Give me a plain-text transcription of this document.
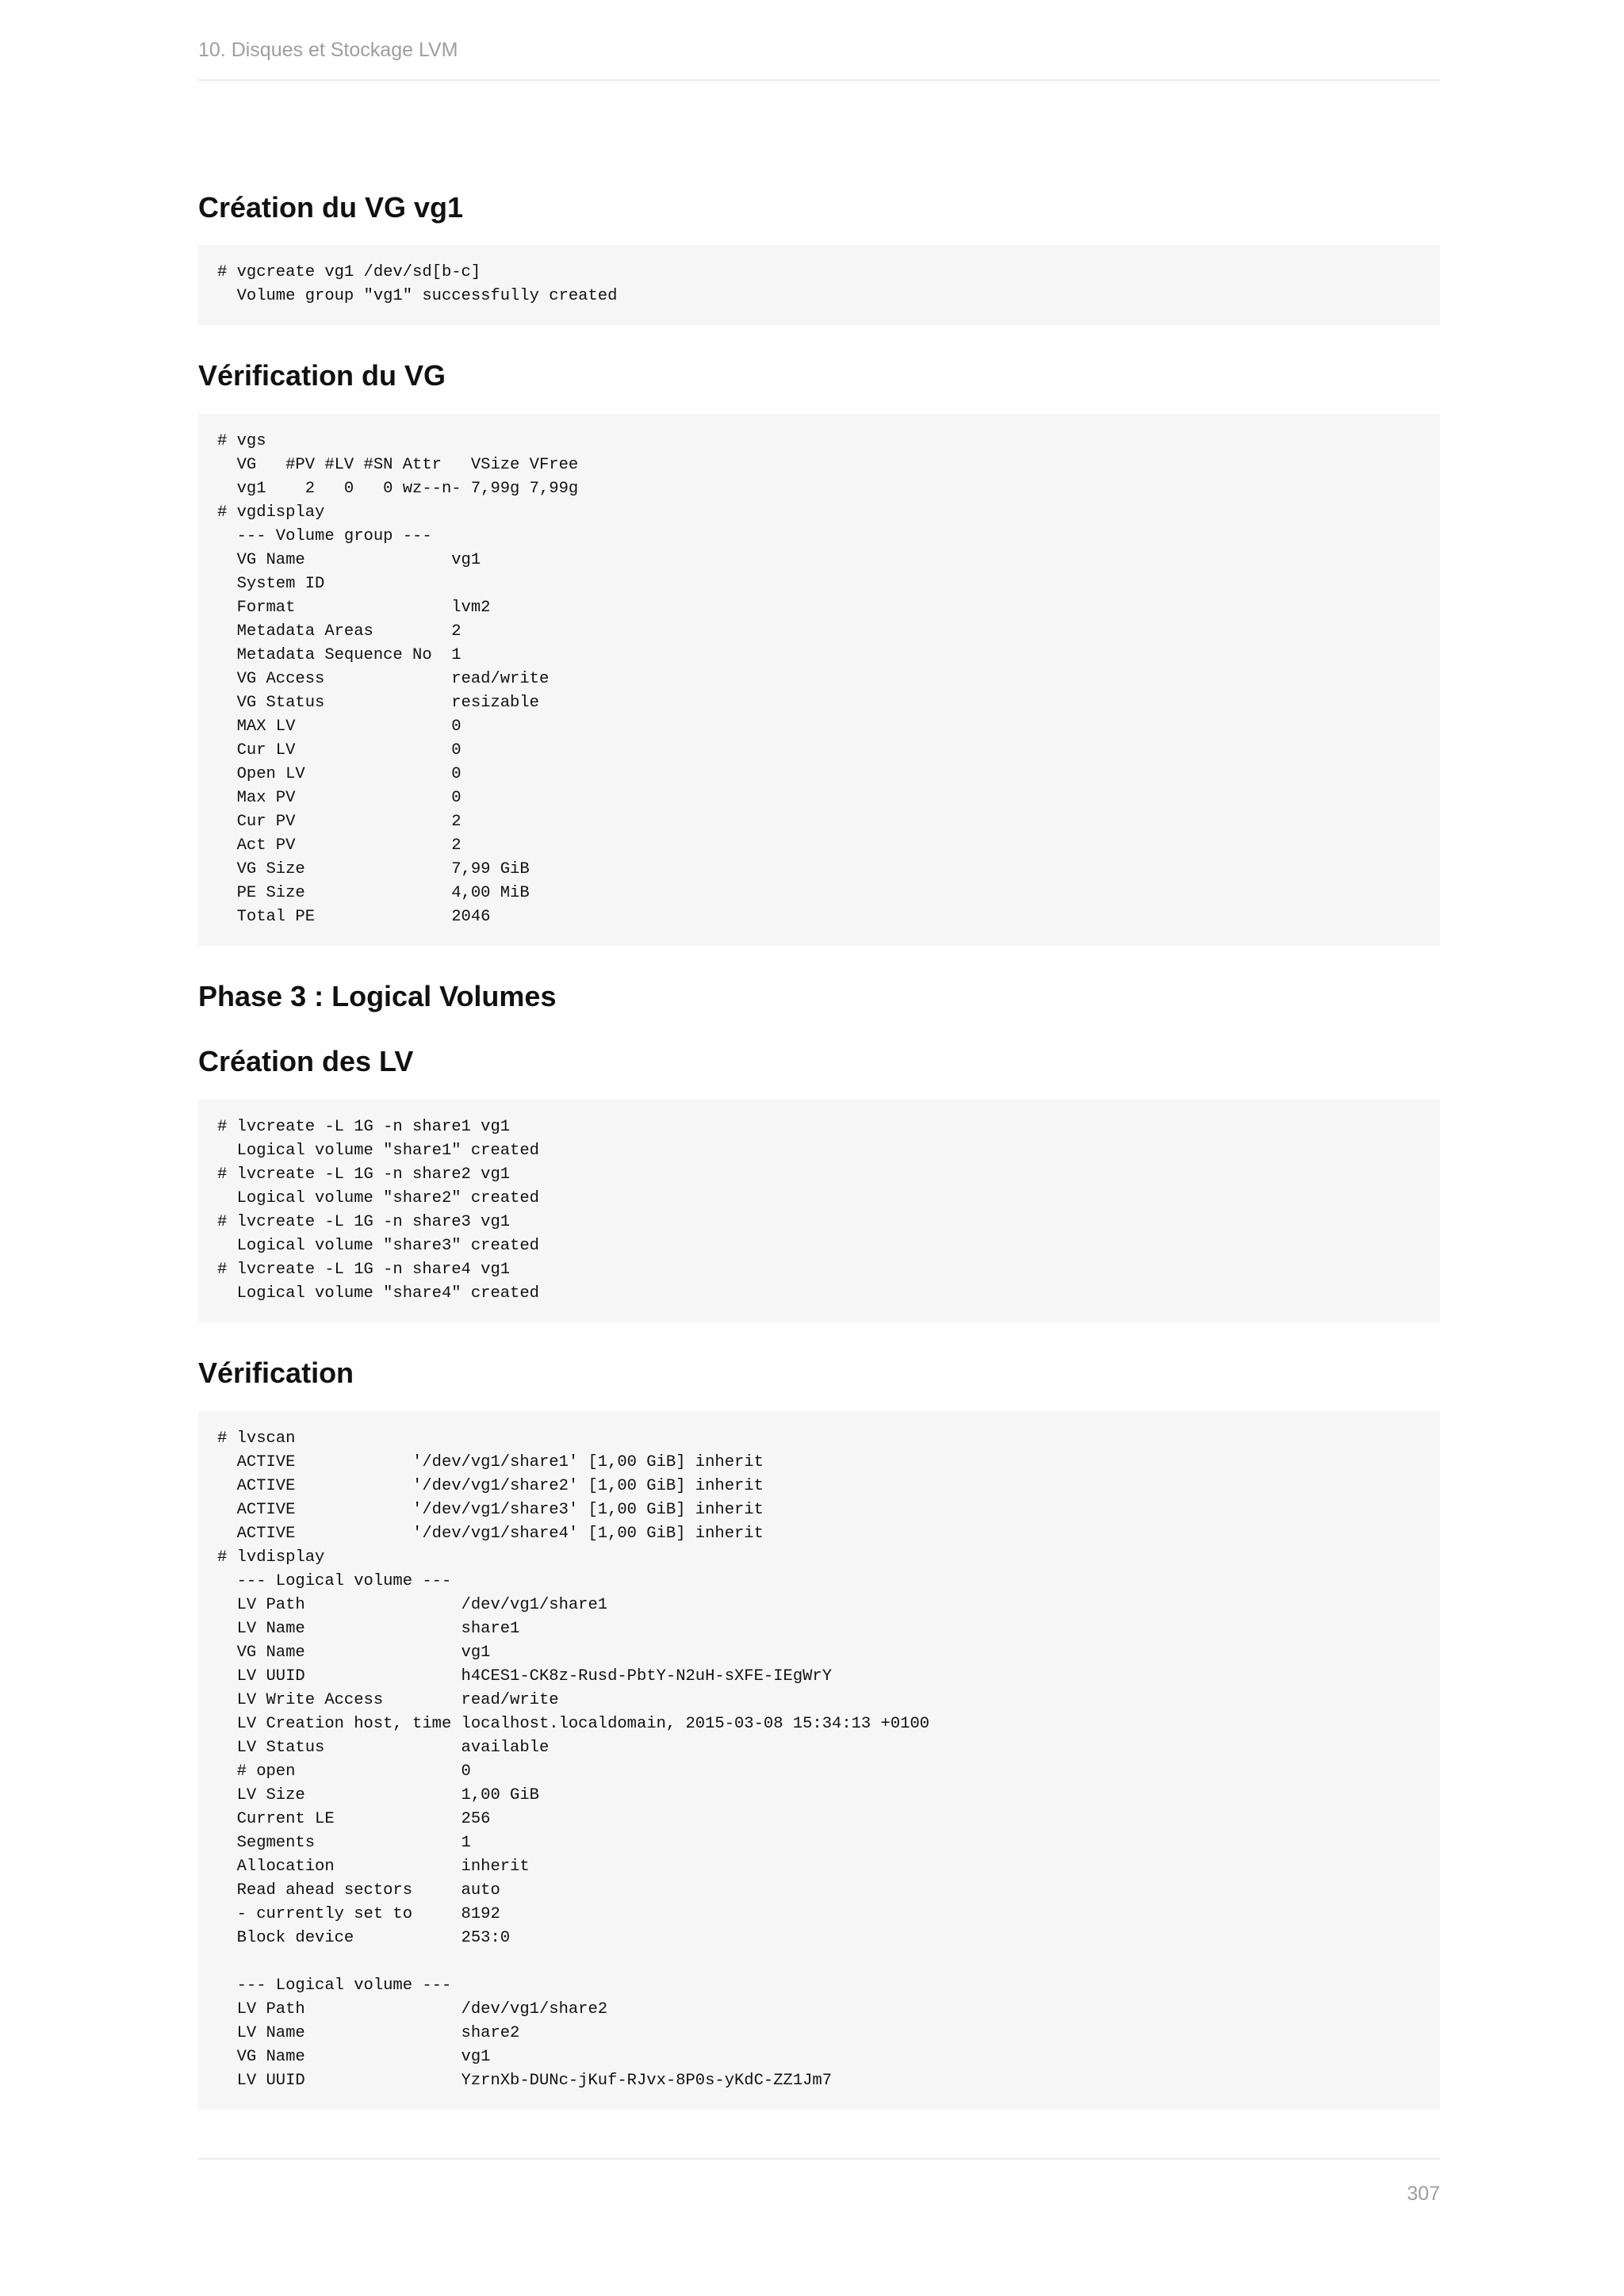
10. Disques et Stockage LVM

Création du VG vg1
# vgcreate vg1 /dev/sd[b-c]
Volume group "vg1" successfully created
Vérification du VG
# vgs
VG   #PV #LV #SN Attr   VSize VFree
vg1    2   0   0 wz--n- 7,99g 7,99g
# vgdisplay
--- Volume group ---
VG Name               vg1
System ID
Format                lvm2
Metadata Areas        2
Metadata Sequence No  1
VG Access             read/write
VG Status             resizable
MAX LV                0
Cur LV                0
Open LV               0
Max PV                0
Cur PV                2
Act PV                2
VG Size               7,99 GiB
PE Size               4,00 MiB
Total PE              2046
Phase 3 : Logical Volumes
Création des LV
# lvcreate -L 1G -n share1 vg1
Logical volume "share1" created
# lvcreate -L 1G -n share2 vg1
Logical volume "share2" created
# lvcreate -L 1G -n share3 vg1
Logical volume "share3" created
# lvcreate -L 1G -n share4 vg1
Logical volume "share4" created
Vérification
# lvscan
ACTIVE            '/dev/vg1/share1' [1,00 GiB] inherit
ACTIVE            '/dev/vg1/share2' [1,00 GiB] inherit
ACTIVE            '/dev/vg1/share3' [1,00 GiB] inherit
ACTIVE            '/dev/vg1/share4' [1,00 GiB] inherit
# lvdisplay
--- Logical volume ---
LV Path                /dev/vg1/share1
LV Name                share1
VG Name                vg1
LV UUID                h4CES1-CK8z-Rusd-PbtY-N2uH-sXFE-IEgWrY
LV Write Access        read/write
LV Creation host, time localhost.localdomain, 2015-03-08 15:34:13 +0100
LV Status              available
# open                 0
LV Size                1,00 GiB
Current LE             256
Segments               1
Allocation             inherit
Read ahead sectors     auto
- currently set to     8192
Block device           253:0

--- Logical volume ---
LV Path                /dev/vg1/share2
LV Name                share2
VG Name                vg1
LV UUID                YzrnXb-DUNc-jKuf-RJvx-8P0s-yKdC-ZZ1Jm7
307
